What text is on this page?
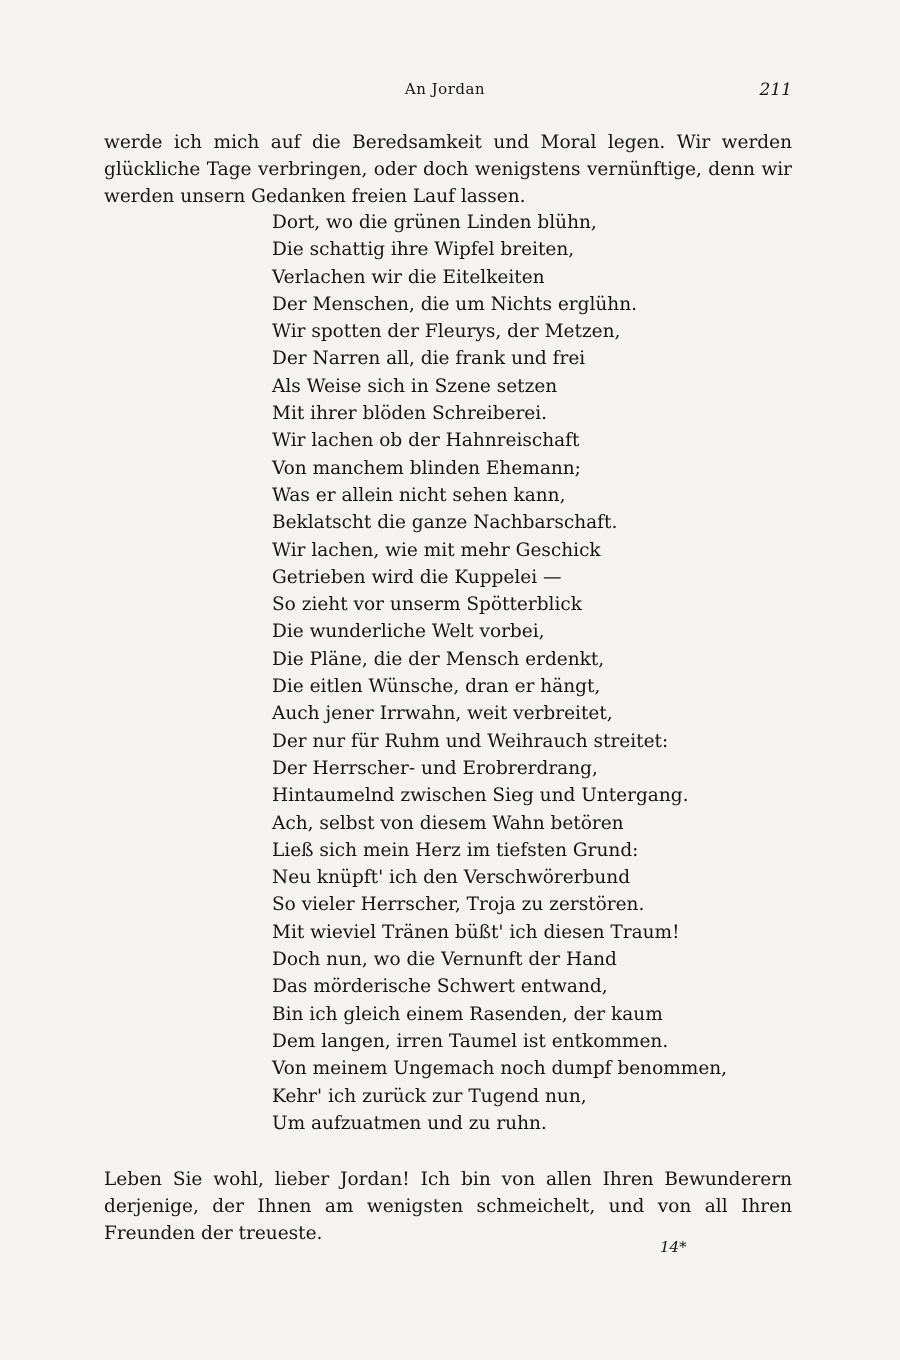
An Jordan	211

werde ich mich auf die Beredsamkeit und Moral legen. Wir werden glückliche Tage verbringen, oder doch wenigstens vernünftige, denn wir werden unsern Gedanken freien Lauf lassen.

Dort, wo die grünen Linden blühn,
Die schattig ihre Wipfel breiten,
Verlachen wir die Eitelkeiten
Der Menschen, die um Nichts erglühn.
Wir spotten der Fleurys, der Metzen,
Der Narren all, die frank und frei
Als Weise sich in Szene setzen
Mit ihrer blöden Schreiberei.
Wir lachen ob der Hahnreischaft
Von manchem blinden Ehemann;
Was er allein nicht sehen kann,
Beklatscht die ganze Nachbarschaft.
Wir lachen, wie mit mehr Geschick
Getrieben wird die Kuppelei —
So zieht vor unserm Spötterblick
Die wunderliche Welt vorbei,
Die Pläne, die der Mensch erdenkt,
Die eitlen Wünsche, dran er hängt,
Auch jener Irrwahn, weit verbreitet,
Der nur für Ruhm und Weihrauch streitet:
Der Herrscher- und Erobrerdrang,
Hintaumelnd zwischen Sieg und Untergang.
Ach, selbst von diesem Wahn betören
Ließ sich mein Herz im tiefsten Grund:
Neu knüpft' ich den Verschwörerbund
So vieler Herrscher, Troja zu zerstören.
Mit wieviel Tränen büßt' ich diesen Traum!
Doch nun, wo die Vernunft der Hand
Das mörderische Schwert entwand,
Bin ich gleich einem Rasenden, der kaum
Dem langen, irren Taumel ist entkommen.
Von meinem Ungemach noch dumpf benommen,
Kehr' ich zurück zur Tugend nun,
Um aufzuatmen und zu ruhn.

Leben Sie wohl, lieber Jordan! Ich bin von allen Ihren Bewunderern derjenige, der Ihnen am wenigsten schmeichelt, und von all Ihren Freunden der treueste.

14*
